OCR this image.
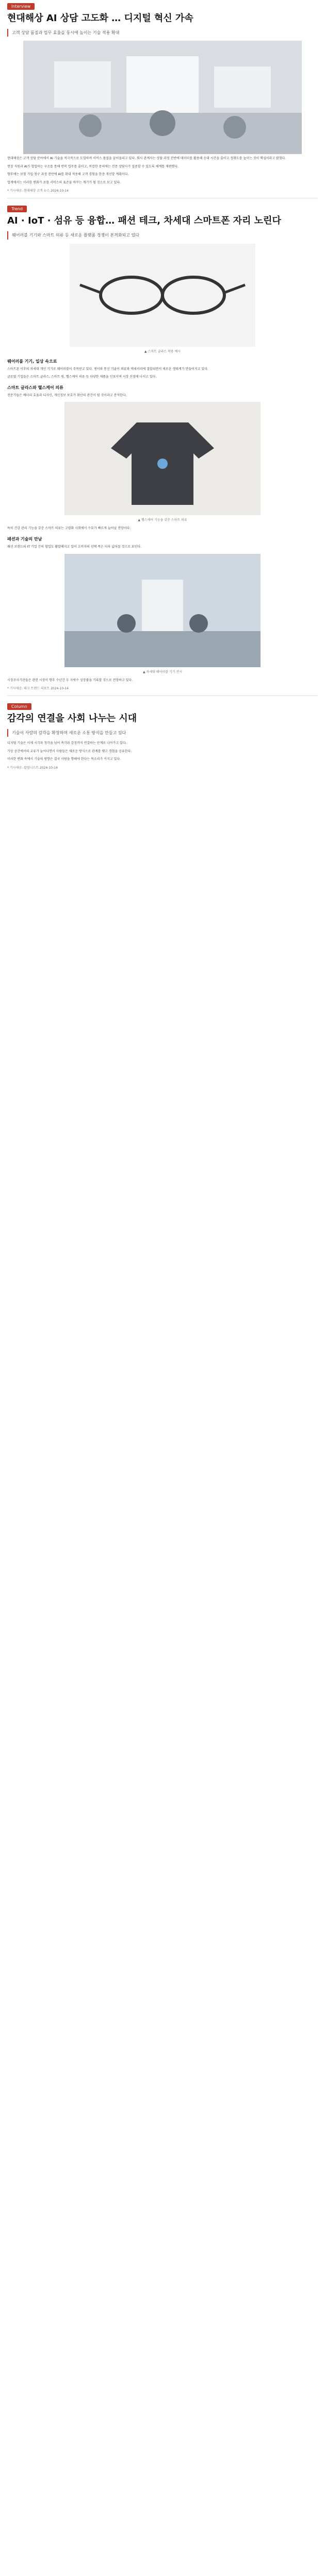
Interview
현대해상 AI 상담 고도화 … 디지털 혁신 가속
고객 상담 품질과 업무 효율을 동시에 높이는 기술 적용 확대

현대해상은 고객 상담 분야에서 AI 기술을 적극적으로 도입하며 서비스 품질을 끌어올리고 있다. 회사 관계자는 상담 과정 전반에 데이터를 활용해 응대 시간을 줄이고 정확도를 높이는 것이 핵심이라고 밝혔다.

현장 직원과 AI가 협업하는 구조를 통해 반복 업무를 줄이고, 복잡한 문의에는 전문 상담사가 집중할 수 있도록 체계를 재편했다.

향후에는 보험 가입·청구 과정 전반에 AI를 확대 적용해 고객 경험을 한층 개선할 계획이다.

업계에서는 이러한 변화가 보험 서비스의 표준을 바꾸는 계기가 될 것으로 보고 있다.

* 기사제공: 현대해상 고객 뉴스 2024-10-14
Trend
AI · IoT · 섬유 등 융합… 패션 테크, 차세대 스마트폰 자리 노린다
웨어러블 기기와 스마트 의류 등 새로운 플랫폼 경쟁이 본격화되고 있다
▲ 스마트 글라스 착용 예시
웨어러블 기기, 일상 속으로

스마트폰 이후의 차세대 개인 기기로 웨어러블이 주목받고 있다. 센서와 통신 기술이 의류와 액세서리에 결합되면서 새로운 생태계가 만들어지고 있다.

글로벌 기업들은 스마트 글라스, 스마트 링, 헬스케어 의류 등 다양한 제품을 선보이며 시장 선점에 나서고 있다.

스마트 글라스와 헬스케어 의류

전문가들은 배터리 효율과 디자인, 개인정보 보호가 확산의 관건이 될 것이라고 분석한다.

▲ 헬스케어 기능을 갖춘 스마트 의류

특히 건강 관리 기능을 갖춘 스마트 의류는 고령화 사회에서 수요가 빠르게 늘어날 전망이다.

패션과 기술의 만남

패션 브랜드와 IT 기업 간의 협업도 활발해지고 있어 소비자의 선택 폭은 더욱 넓어질 것으로 보인다.

▲ 차세대 웨어러블 기기 전시

시장조사기관들은 관련 시장이 향후 수년간 두 자릿수 성장률을 기록할 것으로 전망하고 있다.

* 기사제공: 테크 트렌드 리포트 2024-10-14
Column
감각의 연결을 사회 나누는 시대
기술이 사람의 감각을 확장하며 새로운 소통 방식을 만들고 있다

디지털 기술은 이제 시각과 청각을 넘어 촉각과 감정까지 연결하는 단계로 나아가고 있다.

가상 공간에서의 교류가 늘어나면서 사람들은 새로운 방식으로 관계를 맺고 경험을 공유한다.

이러한 변화 속에서 기술의 방향은 결국 사람을 향해야 한다는 목소리가 커지고 있다.

* 기사제공: 칼럼니스트 2024-10-14
